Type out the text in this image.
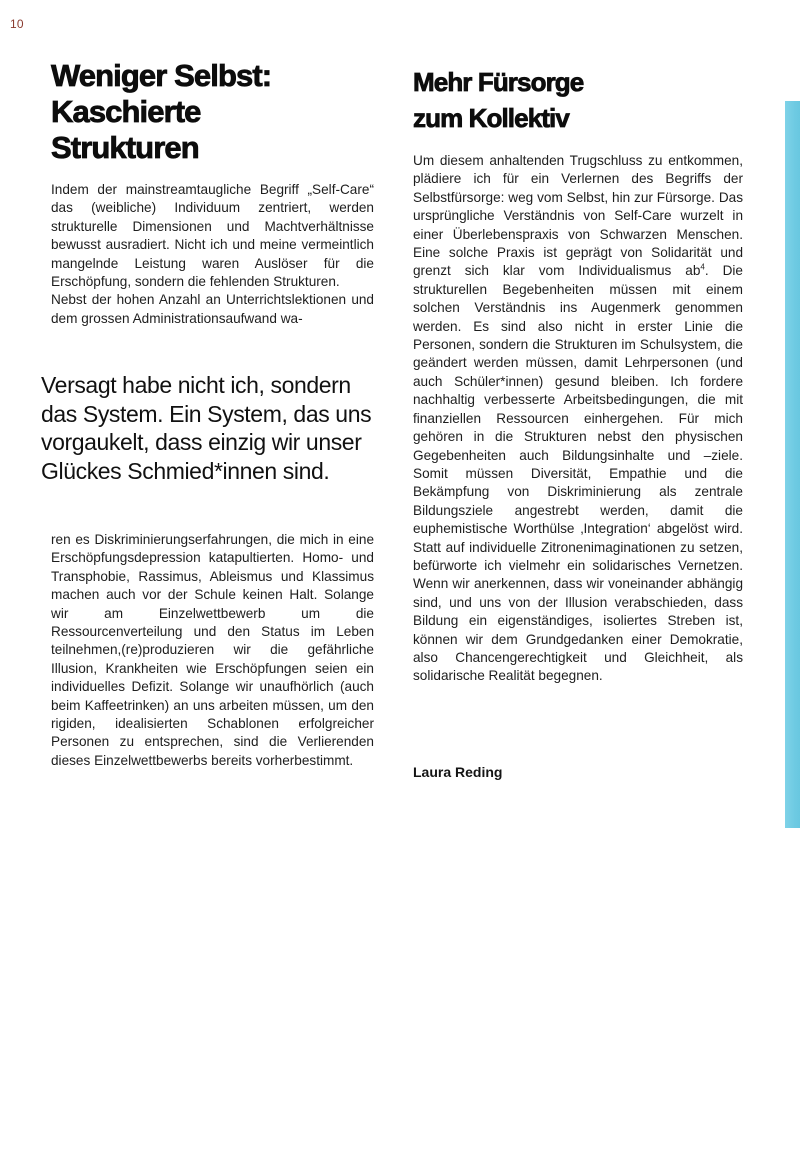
10
Weniger Selbst:
Kaschierte
Strukturen

Indem der mainstreamtaugliche Begriff „Self-Care“ das (weibliche) Individuum zentriert, werden strukturelle Dimensionen und Machtverhältnisse bewusst ausradiert. Nicht ich und meine vermeintlich mangelnde Leistung waren Auslöser für die Erschöpfung, sondern die fehlenden Strukturen.

Nebst der hohen Anzahl an Unterrichtslektionen und dem grossen Administrationsaufwand wa-

Versagt habe nicht ich, sondern das System. Ein System, das uns vorgaukelt, dass einzig wir unser Glückes Schmied*innen sind.

ren es Diskriminierungserfahrungen, die mich in eine Erschöpfungsdepression katapultierten. Homo- und Transphobie, Rassimus, Ableismus und Klassimus machen auch vor der Schule keinen Halt. Solange wir am Einzelwettbewerb um die Ressourcenverteilung und den Status im Leben teilnehmen,(re)produzieren wir die gefährliche Illusion, Krankheiten wie Erschöpfungen seien ein individuelles Defizit. Solange wir unaufhörlich (auch beim Kaffeetrinken) an uns arbeiten müssen, um den rigiden, idealisierten Schablonen erfolgreicher Personen zu entsprechen, sind die Verlierenden dieses Einzelwettbewerbs bereits vorherbestimmt.

Mehr Fürsorge
zum Kollektiv

Um diesem anhaltenden Trugschluss zu entkommen, plädiere ich für ein Verlernen des Begriffs der Selbstfürsorge: weg vom Selbst, hin zur Fürsorge. Das ursprüngliche Verständnis von Self-Care wurzelt in einer Überlebenspraxis von Schwarzen Menschen. Eine solche Praxis ist geprägt von Solidarität und grenzt sich klar vom Individualismus $ab^4$. Die strukturellen Begebenheiten müssen mit einem solchen Verständnis ins Augenmerk genommen werden. Es sind also nicht in erster Linie die Personen, sondern die Strukturen im Schulsystem, die geändert werden müssen, damit Lehrpersonen (und auch Schüler*innen) gesund bleiben. Ich fordere nachhaltig verbesserte Arbeitsbedingungen, die mit finanziellen Ressourcen einhergehen. Für mich gehören in die Strukturen nebst den physischen Gegebenheiten auch Bildungsinhalte und –ziele. Somit müssen Diversität, Empathie und die Bekämpfung von Diskriminierung als zentrale Bildungsziele angestrebt werden, damit die euphemistische Worthülse ‚Integration‘ abgelöst wird. Statt auf individuelle Zitronenimaginationen zu setzen, befürworte ich vielmehr ein solidarisches Vernetzen. Wenn wir anerkennen, dass wir voneinander abhängig sind, und uns von der Illusion verabschieden, dass Bildung ein eigenständiges, isoliertes Streben ist, können wir dem Grundgedanken einer Demokratie, also Chancengerechtigkeit und Gleichheit, als solidarische Realität begegnen.

Laura Reding
